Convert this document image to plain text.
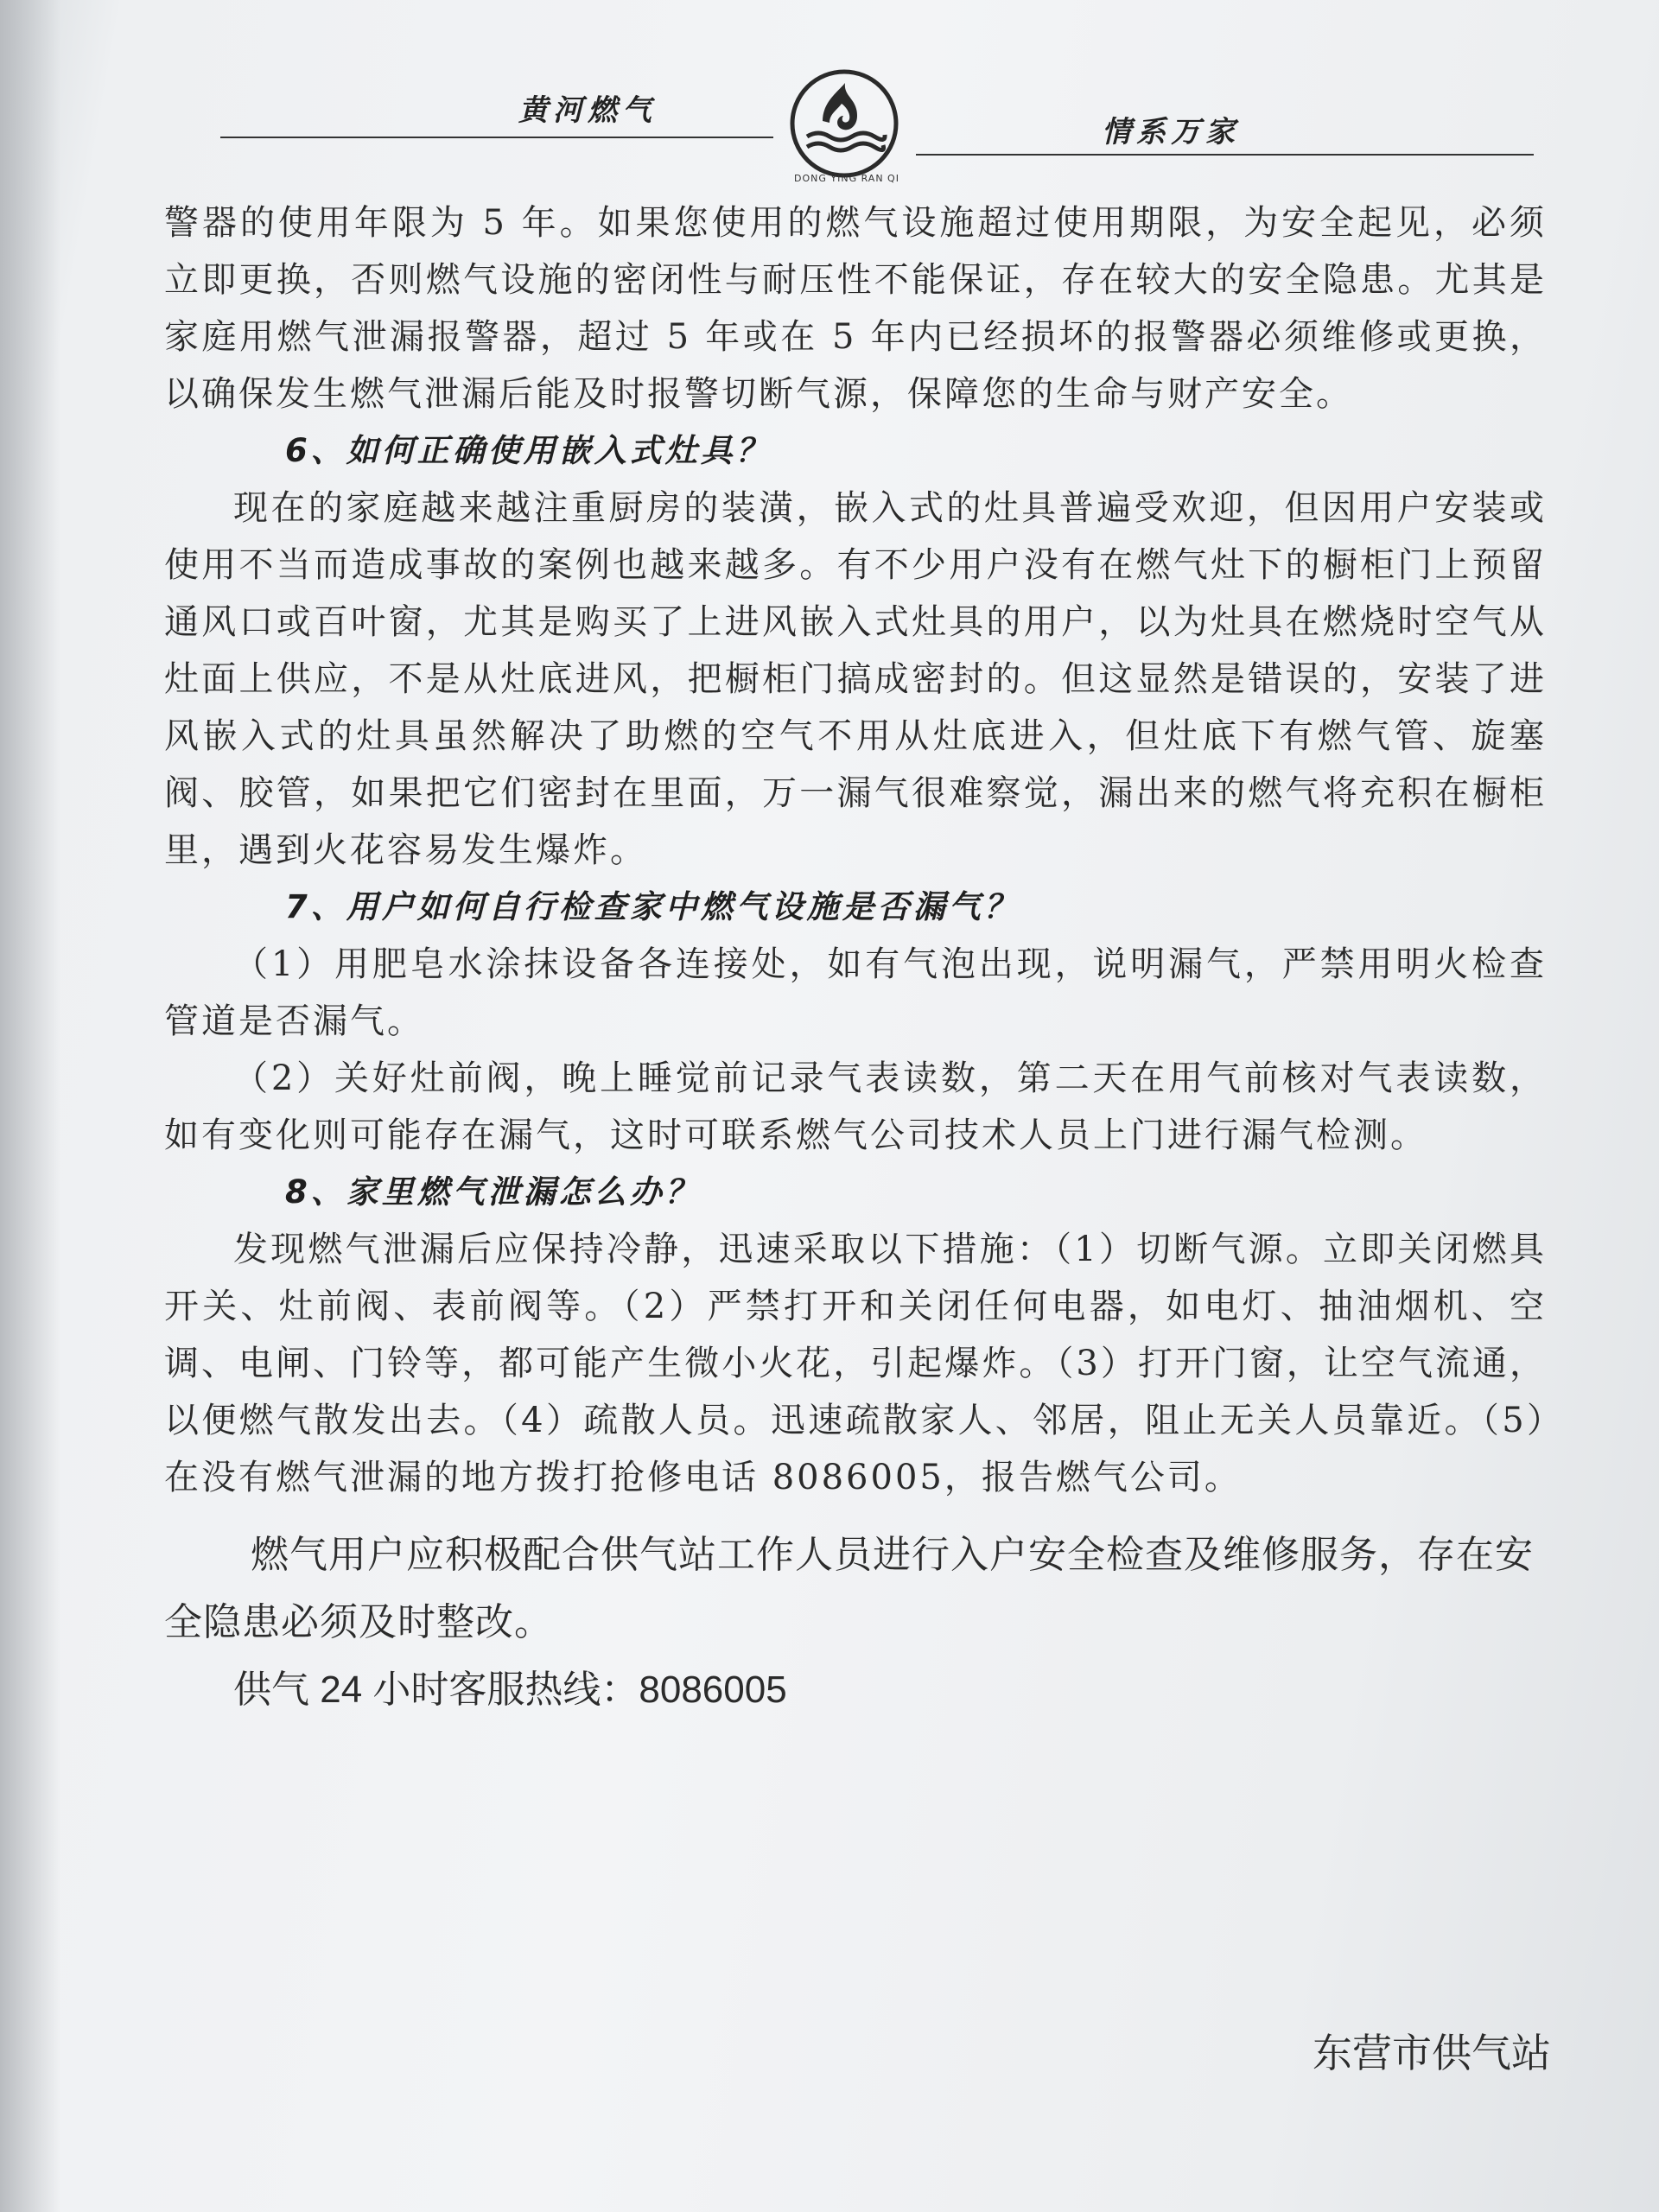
黄河燃气
情系万家
DONG YING RAN QI

警器的使用年限为 5 年。如果您使用的燃气设施超过使用期限，为安全起见，必须立即更换，否则燃气设施的密闭性与耐压性不能保证，存在较大的安全隐患。尤其是家庭用燃气泄漏报警器，超过 5 年或在 5 年内已经损坏的报警器必须维修或更换，以确保发生燃气泄漏后能及时报警切断气源，保障您的生命与财产安全。

6、如何正确使用嵌入式灶具？

现在的家庭越来越注重厨房的装潢，嵌入式的灶具普遍受欢迎，但因用户安装或使用不当而造成事故的案例也越来越多。有不少用户没有在燃气灶下的橱柜门上预留通风口或百叶窗，尤其是购买了上进风嵌入式灶具的用户，以为灶具在燃烧时空气从灶面上供应，不是从灶底进风，把橱柜门搞成密封的。但这显然是错误的，安装了进风嵌入式的灶具虽然解决了助燃的空气不用从灶底进入，但灶底下有燃气管、旋塞阀、胶管，如果把它们密封在里面，万一漏气很难察觉，漏出来的燃气将充积在橱柜里，遇到火花容易发生爆炸。

7、用户如何自行检查家中燃气设施是否漏气？

（1）用肥皂水涂抹设备各连接处，如有气泡出现，说明漏气，严禁用明火检查管道是否漏气。

（2）关好灶前阀，晚上睡觉前记录气表读数，第二天在用气前核对气表读数，如有变化则可能存在漏气，这时可联系燃气公司技术人员上门进行漏气检测。

8、家里燃气泄漏怎么办？

发现燃气泄漏后应保持冷静，迅速采取以下措施：（1）切断气源。立即关闭燃具开关、灶前阀、表前阀等。（2）严禁打开和关闭任何电器，如电灯、抽油烟机、空调、电闸、门铃等，都可能产生微小火花，引起爆炸。（3）打开门窗，让空气流通，以便燃气散发出去。（4）疏散人员。迅速疏散家人、邻居，阻止无关人员靠近。（5）在没有燃气泄漏的地方拨打抢修电话 8086005，报告燃气公司。

燃气用户应积极配合供气站工作人员进行入户安全检查及维修服务，存在安全隐患必须及时整改。

供气 24 小时客服热线：8086005

东营市供气站
